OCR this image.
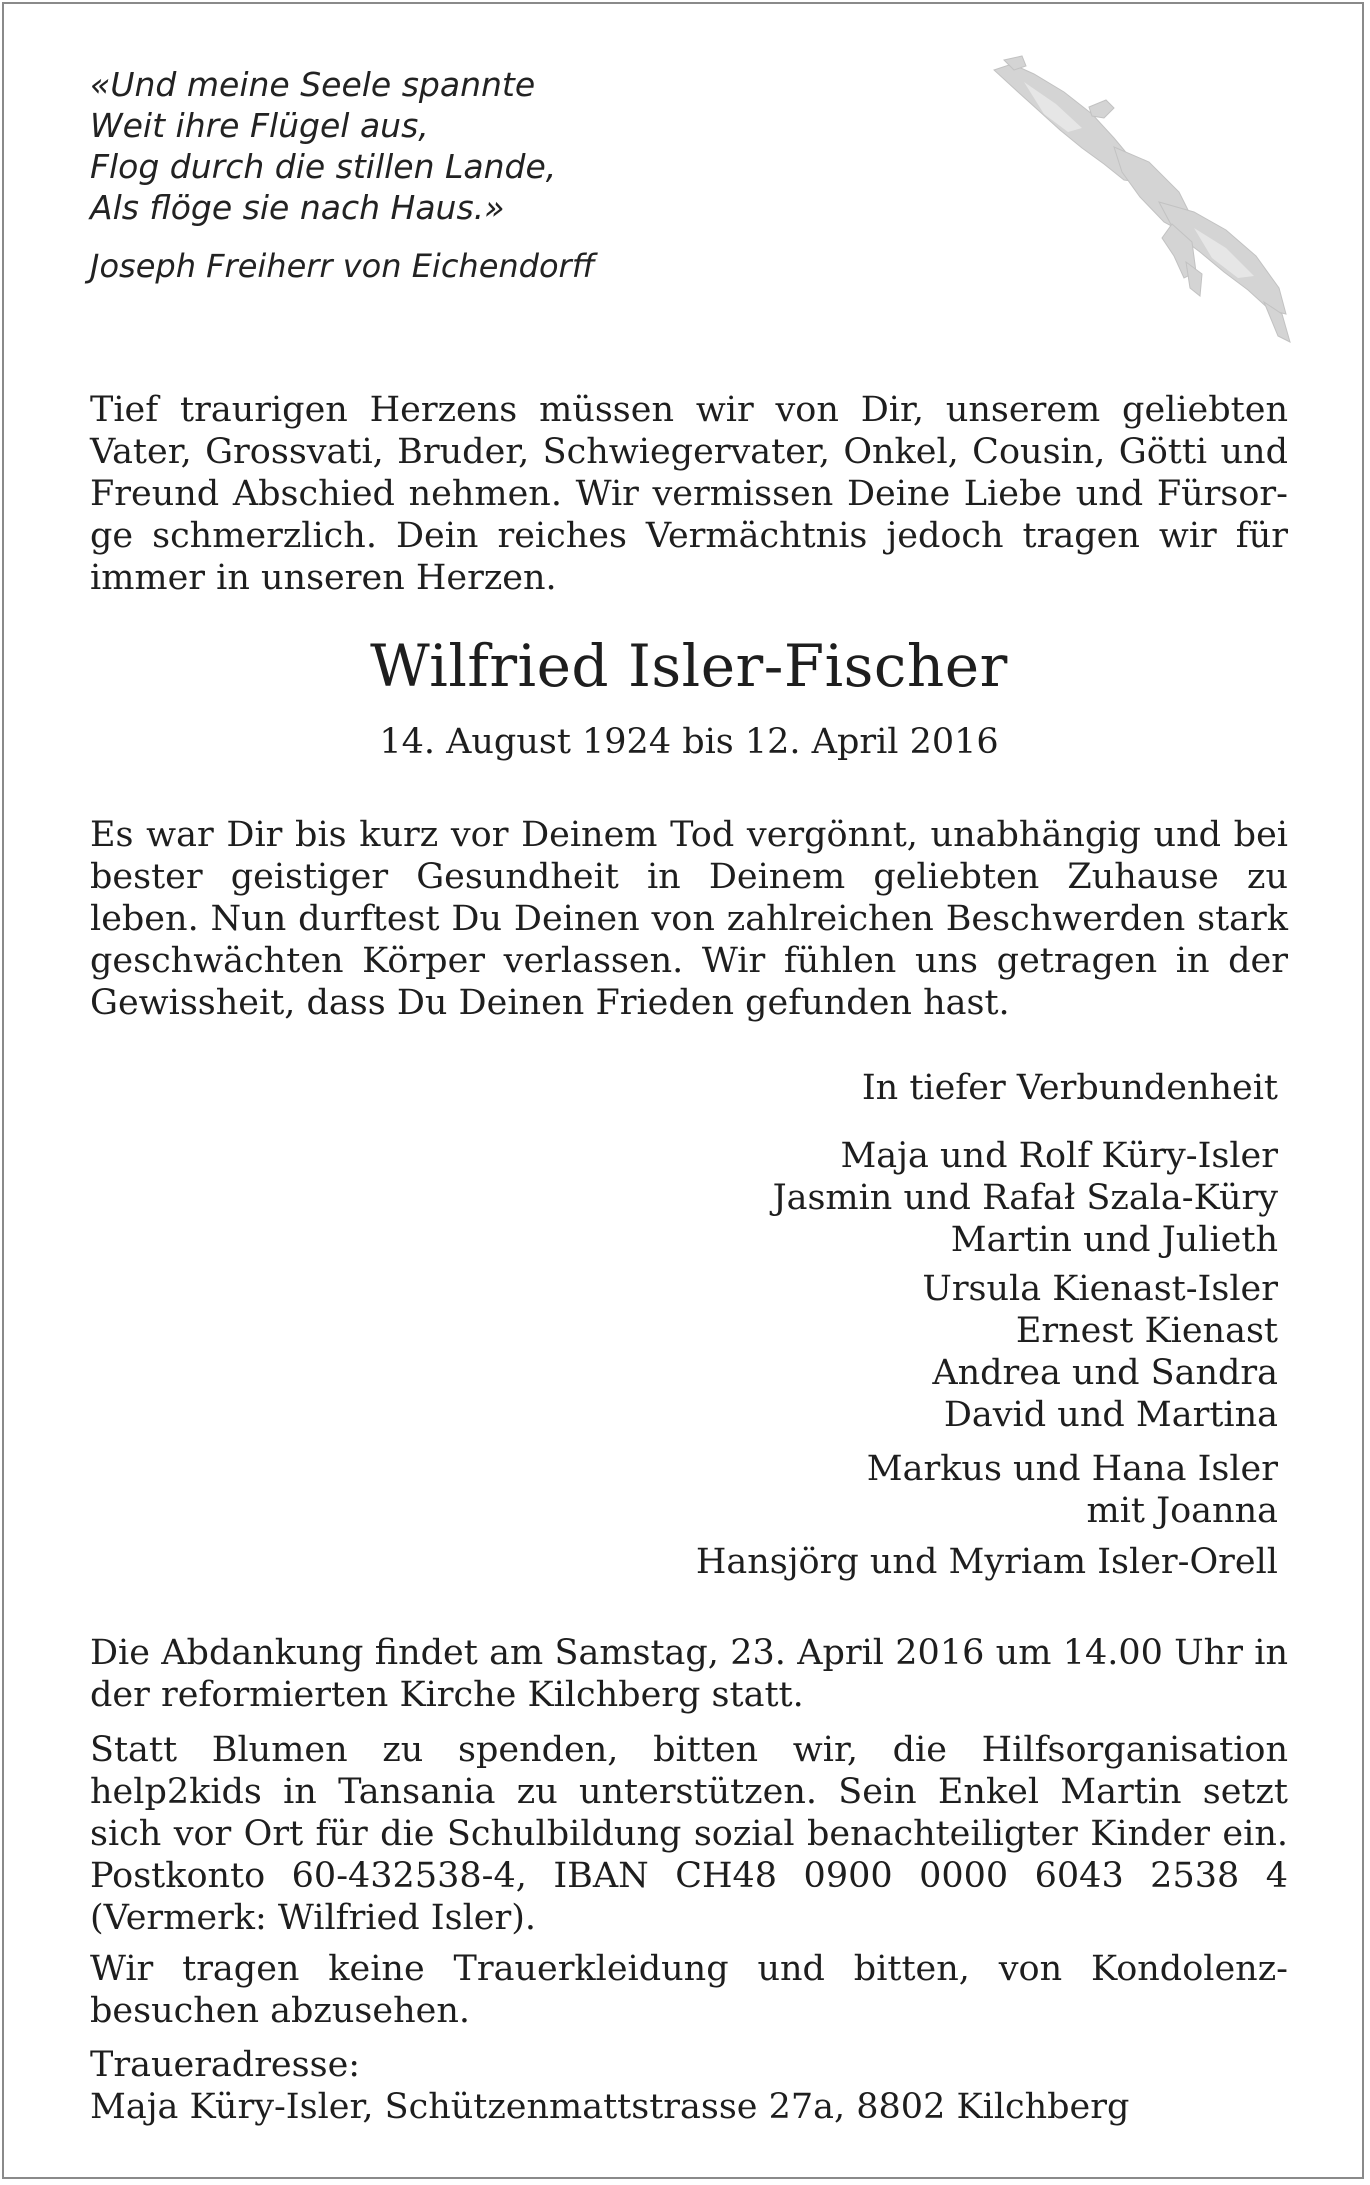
«Und meine Seele spannte
Weit ihre Flügel aus,
Flog durch die stillen Lande,
Als flöge sie nach Haus.»
Joseph Freiherr von Eichendorff
Tief traurigen Herzens müssen wir von Dir, unserem geliebten Vater, Grossvati, Bruder, Schwiegervater, Onkel, Cousin, Götti und Freund Abschied nehmen. Wir vermissen Deine Liebe und Fürsorge schmerzlich. Dein reiches Vermächtnis jedoch tragen wir für immer in unseren Herzen.
Wilfried Isler-Fischer
14. August 1924 bis 12. April 2016
Es war Dir bis kurz vor Deinem Tod vergönnt, unabhängig und bei bester geistiger Gesundheit in Deinem geliebten Zuhause zu leben. Nun durftest Du Deinen von zahlreichen Beschwerden stark geschwächten Körper verlassen. Wir fühlen uns getragen in der Gewissheit, dass Du Deinen Frieden gefunden hast.
In tiefer Verbundenheit
Maja und Rolf Küry-Isler
Jasmin und Rafał Szala-Küry
Martin und Julieth
Ursula Kienast-Isler
Ernest Kienast
Andrea und Sandra
David und Martina
Markus und Hana Isler
mit Joanna
Hansjörg und Myriam Isler-Orell
Die Abdankung findet am Samstag, 23. April 2016 um 14.00 Uhr in der reformierten Kirche Kilchberg statt.
Statt Blumen zu spenden, bitten wir, die Hilfsorganisation help2kids in Tansania zu unterstützen. Sein Enkel Martin setzt sich vor Ort für die Schulbildung sozial benachteiligter Kinder ein. Postkonto 60-432538-4, IBAN CH48 0900 0000 6043 2538 4 (Vermerk: Wilfried Isler).
Wir tragen keine Trauerkleidung und bitten, von Kondolenzbesuchen abzusehen.
Traueradresse:
Maja Küry-Isler, Schützenmattstrasse 27a, 8802 Kilchberg
